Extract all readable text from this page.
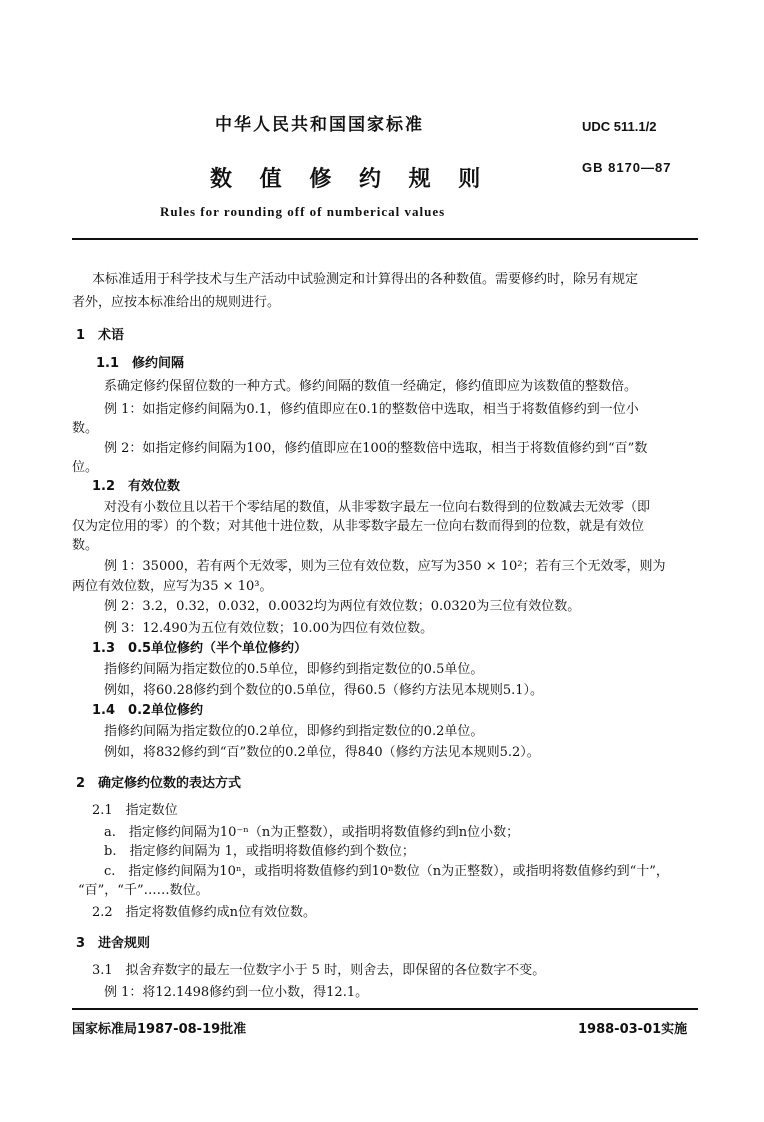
中华人民共和国国家标准	UDC 511.1/2
GB 8170—87
数 值 修 约 规 则
Rules for rounding off of numberical values
本标准适用于科学技术与生产活动中试验测定和计算得出的各种数值。需要修约时，除另有规定
者外，应按本标准给出的规则进行。
1　术语
1.1　修约间隔
系确定修约保留位数的一种方式。修约间隔的数值一经确定，修约值即应为该数值的整数倍。
例 1：如指定修约间隔为0.1，修约值即应在0.1的整数倍中选取，相当于将数值修约到一位小
数。
例 2：如指定修约间隔为100，修约值即应在100的整数倍中选取，相当于将数值修约到“百”数
位。
1.2　有效位数
对没有小数位且以若干个零结尾的数值，从非零数字最左一位向右数得到的位数减去无效零（即
仅为定位用的零）的个数；对其他十进位数，从非零数字最左一位向右数而得到的位数，就是有效位
数。
例 1：35000，若有两个无效零，则为三位有效位数，应写为350 × 10²；若有三个无效零，则为
两位有效位数，应写为35 × 10³。
例 2：3.2，0.32，0.032，0.0032均为两位有效位数；0.0320为三位有效位数。
例 3：12.490为五位有效位数；10.00为四位有效位数。
1.3　0.5单位修约（半个单位修约）
指修约间隔为指定数位的0.5单位，即修约到指定数位的0.5单位。
例如，将60.28修约到个数位的0.5单位，得60.5（修约方法见本规则5.1）。
1.4　0.2单位修约
指修约间隔为指定数位的0.2单位，即修约到指定数位的0.2单位。
例如，将832修约到“百”数位的0.2单位，得840（修约方法见本规则5.2）。
2　确定修约位数的表达方式
2.1　指定数位
a.　指定修约间隔为10⁻ⁿ（n为正整数），或指明将数值修约到n位小数；
b.　指定修约间隔为 1，或指明将数值修约到个数位；
c.　指定修约间隔为10ⁿ，或指明将数值修约到10ⁿ数位（n为正整数），或指明将数值修约到“十”，
“百”，“千”……数位。
2.2　指定将数值修约成n位有效位数。
3　进舍规则
3.1　拟舍弃数字的最左一位数字小于 5 时，则舍去，即保留的各位数字不变。
例 1：将12.1498修约到一位小数，得12.1。
国家标准局1987-08-19批准	1988-03-01实施
